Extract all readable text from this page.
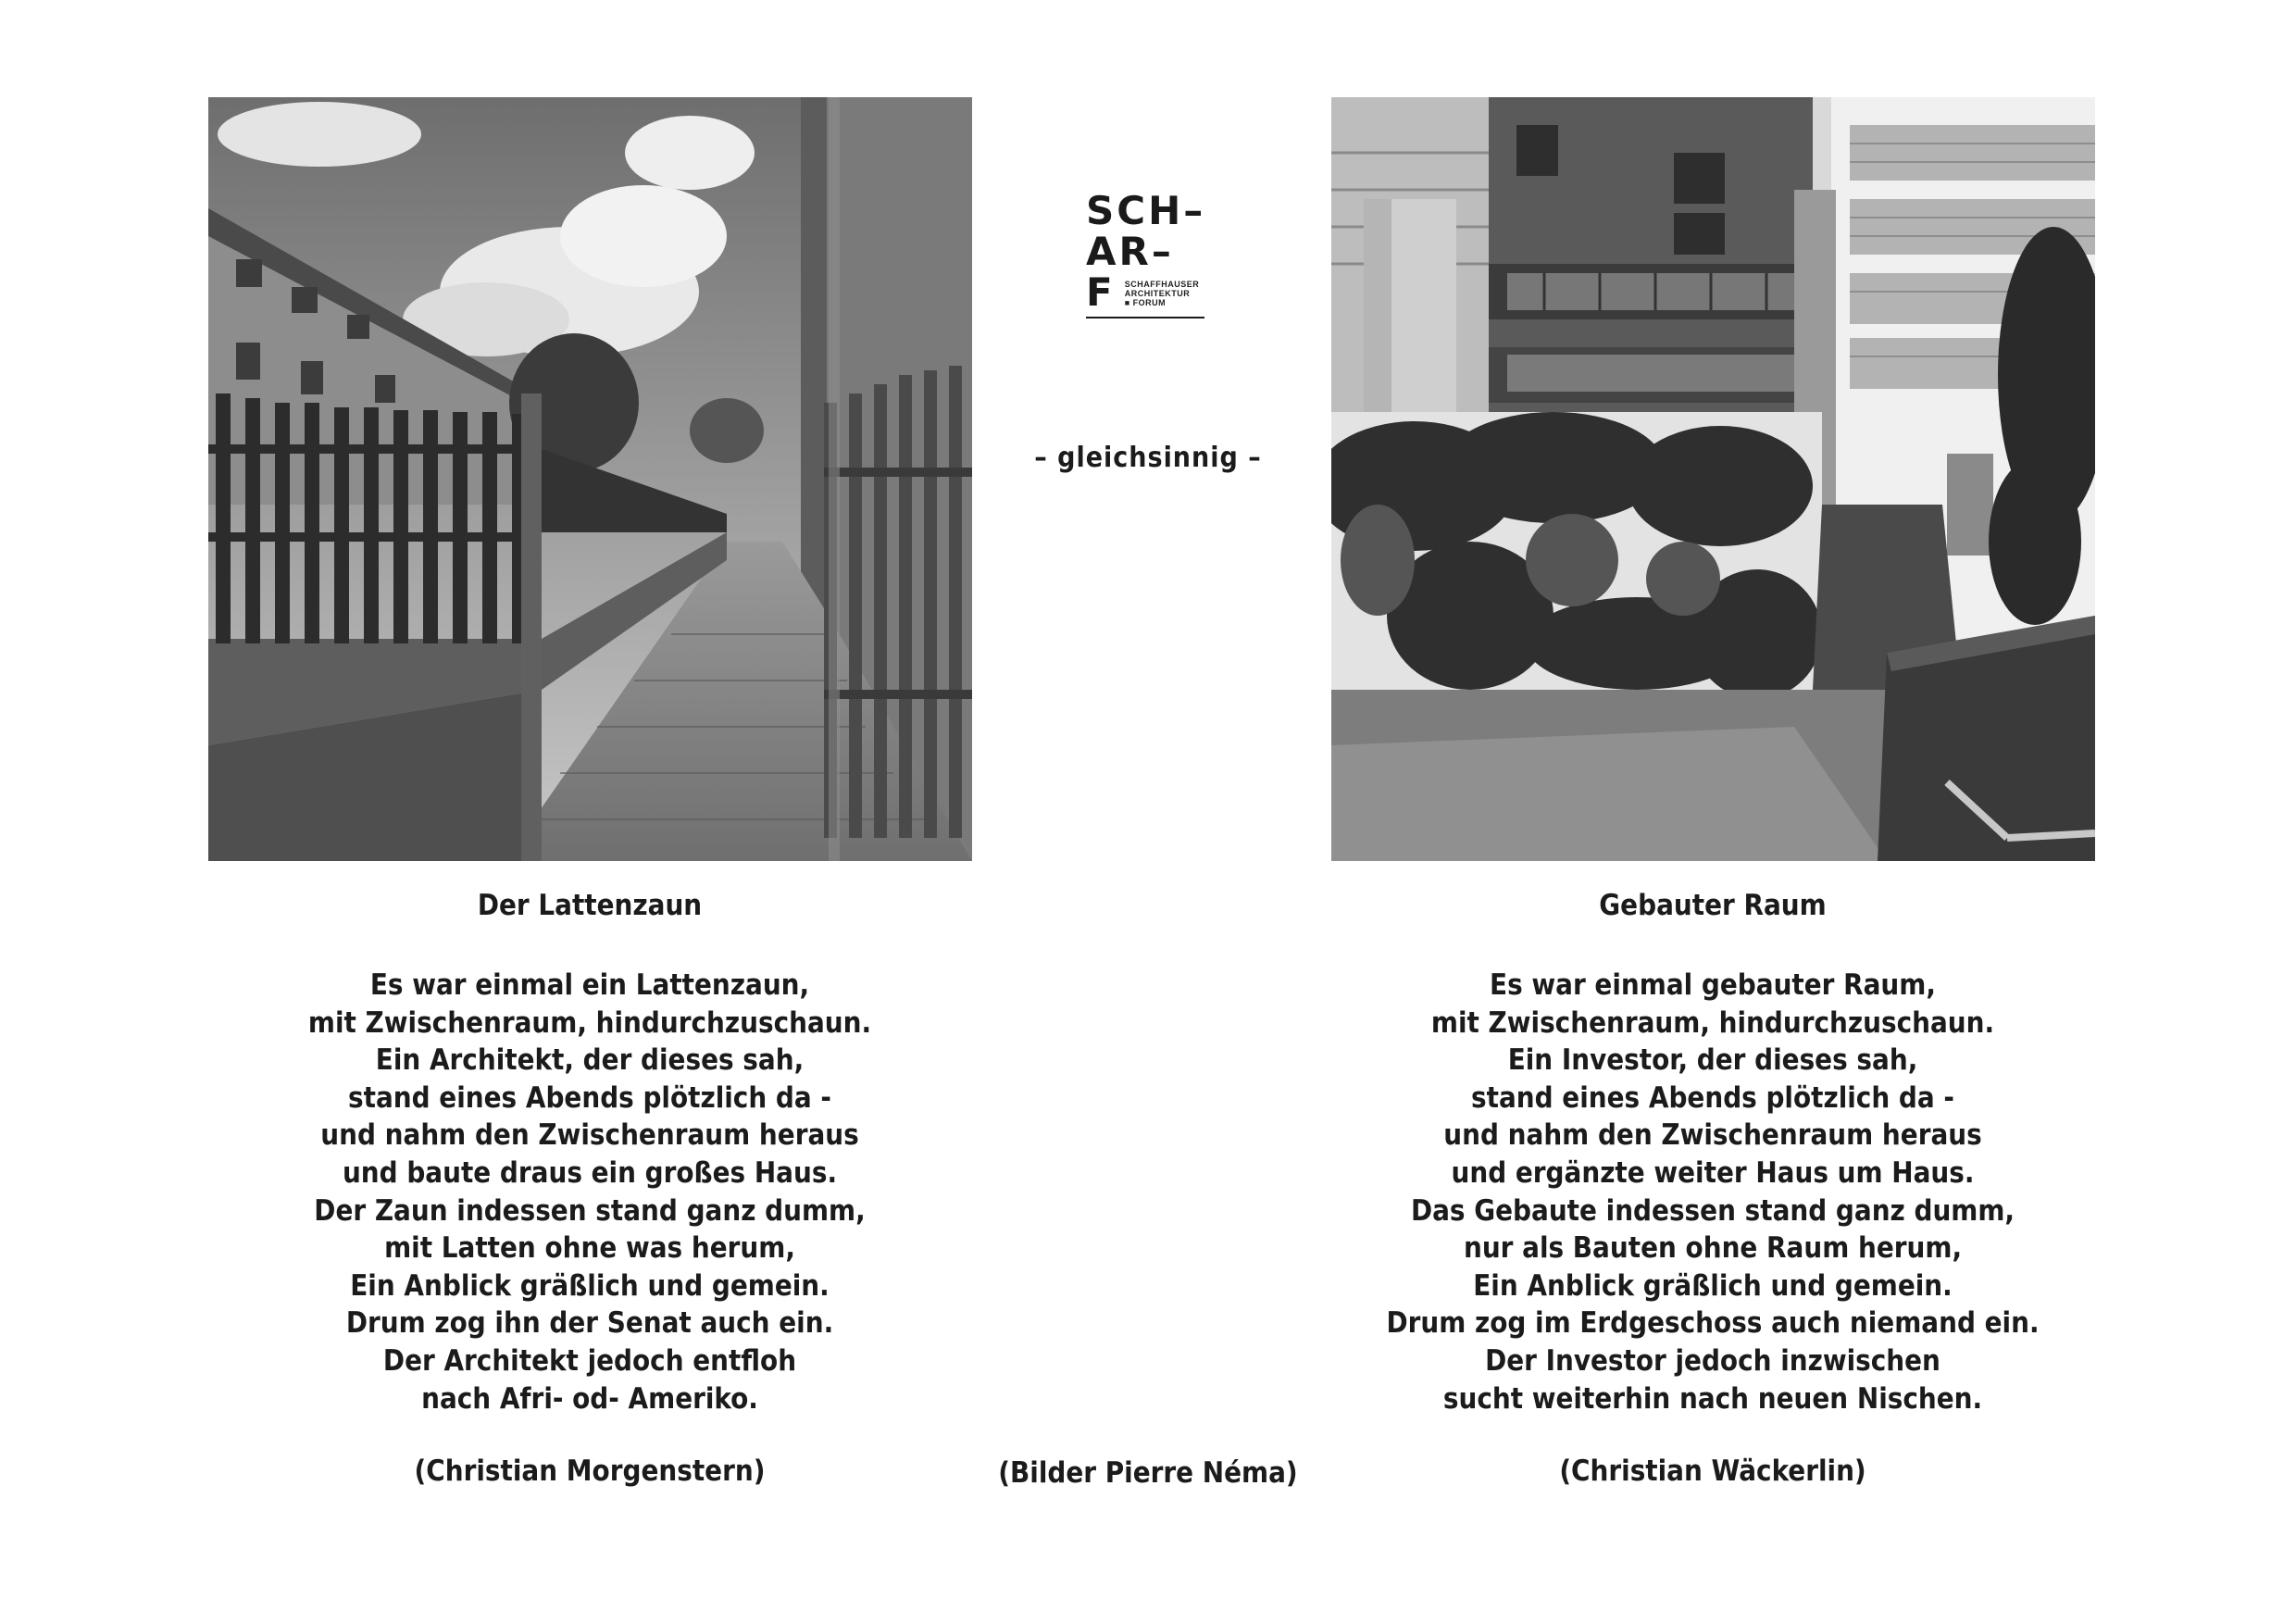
SCH–
AR–
F SCHAFFHAUSER
ARCHITEKTUR
■ FORUM
– gleichsinnig –
Der Lattenzaun
Es war einmal ein Lattenzaun,
mit Zwischenraum, hindurchzuschaun.
Ein Architekt, der dieses sah,
stand eines Abends plötzlich da -
und nahm den Zwischenraum heraus
und baute draus ein großes Haus.
Der Zaun indessen stand ganz dumm,
mit Latten ohne was herum,
Ein Anblick gräßlich und gemein.
Drum zog ihn der Senat auch ein.
Der Architekt jedoch entfloh
nach Afri- od- Ameriko.
(Christian Morgenstern)
Gebauter Raum
Es war einmal gebauter Raum,
mit Zwischenraum, hindurchzuschaun.
Ein Investor, der dieses sah,
stand eines Abends plötzlich da -
und nahm den Zwischenraum heraus
und ergänzte weiter Haus um Haus.
Das Gebaute indessen stand ganz dumm,
nur als Bauten ohne Raum herum,
Ein Anblick gräßlich und gemein.
Drum zog im Erdgeschoss auch niemand ein.
Der Investor jedoch inzwischen
sucht weiterhin nach neuen Nischen.
(Christian Wäckerlin)
(Bilder Pierre Néma)
